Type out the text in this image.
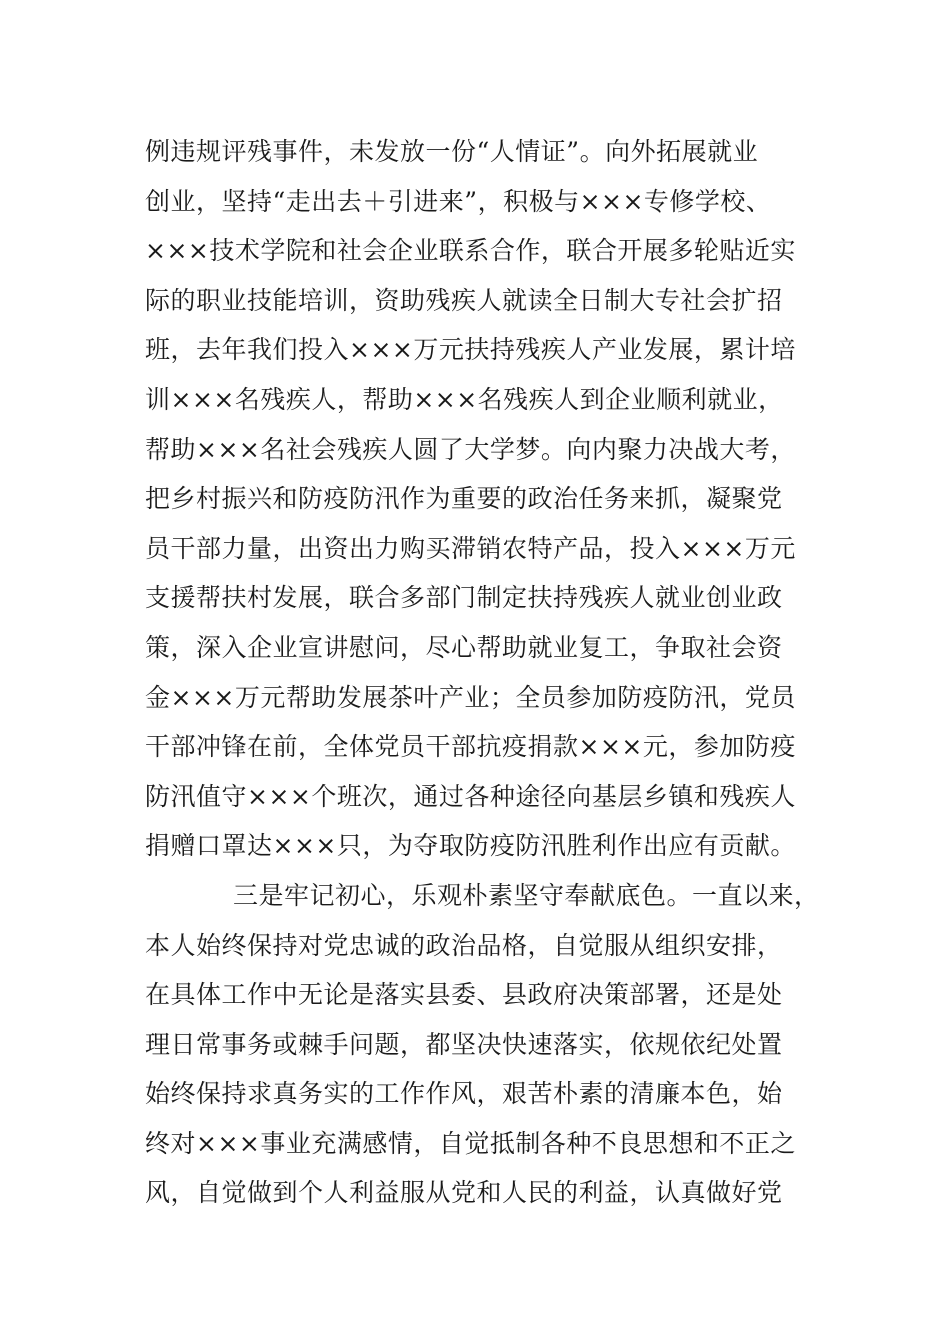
例违规评残事件，未发放一份“人情证”。向外拓展就业
创业，坚持“走出去＋引进来”，积极与×××专修学校、
×××技术学院和社会企业联系合作，联合开展多轮贴近实
际的职业技能培训，资助残疾人就读全日制大专社会扩招
班，去年我们投入×××万元扶持残疾人产业发展，累计培
训×××名残疾人，帮助×××名残疾人到企业顺利就业，
帮助×××名社会残疾人圆了大学梦。向内聚力决战大考，
把乡村振兴和防疫防汛作为重要的政治任务来抓，凝聚党
员干部力量，出资出力购买滞销农特产品，投入×××万元
支援帮扶村发展，联合多部门制定扶持残疾人就业创业政
策，深入企业宣讲慰问，尽心帮助就业复工，争取社会资
金×××万元帮助发展茶叶产业；全员参加防疫防汛，党员
干部冲锋在前，全体党员干部抗疫捐款×××元，参加防疫
防汛值守×××个班次，通过各种途径向基层乡镇和残疾人
捐赠口罩达×××只，为夺取防疫防汛胜利作出应有贡献。
三是牢记初心，乐观朴素坚守奉献底色。一直以来，
本人始终保持对党忠诚的政治品格，自觉服从组织安排，
在具体工作中无论是落实县委、县政府决策部署，还是处
理日常事务或棘手问题，都坚决快速落实，依规依纪处置
始终保持求真务实的工作作风，艰苦朴素的清廉本色，始
终对×××事业充满感情，自觉抵制各种不良思想和不正之
风，自觉做到个人利益服从党和人民的利益，认真做好党
